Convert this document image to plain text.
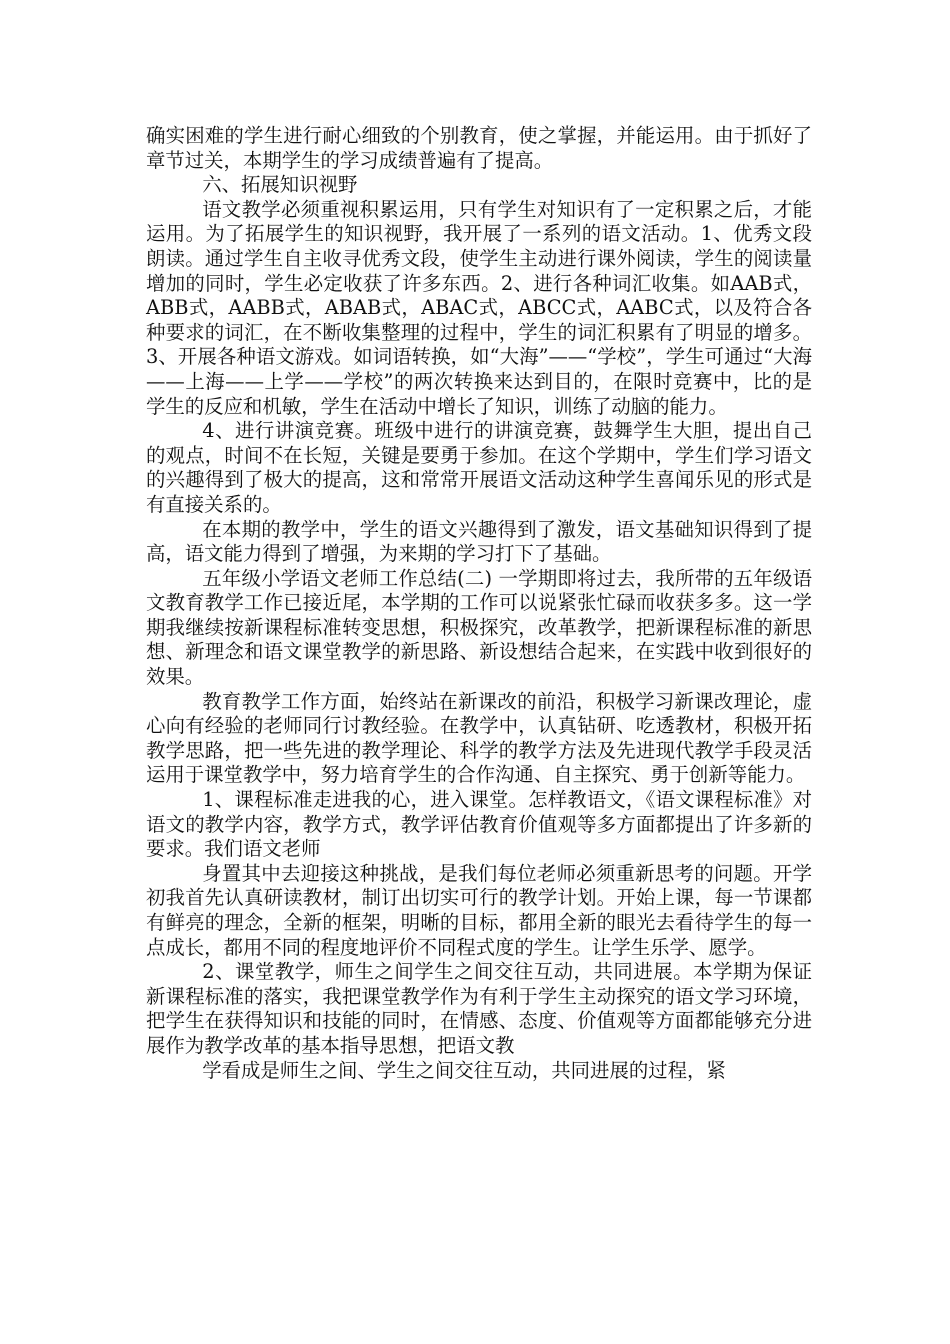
确实困难的学生进行耐心细致的个别教育，使之掌握，并能运用。由于抓好了章节过关，本期学生的学习成绩普遍有了提高。

六、拓展知识视野

语文教学必须重视积累运用，只有学生对知识有了一定积累之后，才能运用。为了拓展学生的知识视野，我开展了一系列的语文活动。1、优秀文段朗读。通过学生自主收寻优秀文段，使学生主动进行课外阅读，学生的阅读量增加的同时，学生必定收获了许多东西。2、进行各种词汇收集。如AAB式，ABB式，AABB式，ABAB式，ABAC式，ABCC式，AABC式，以及符合各种要求的词汇，在不断收集整理的过程中，学生的词汇积累有了明显的增多。3、开展各种语文游戏。如词语转换，如“大海”——“学校”，学生可通过“大海——上海——上学——学校”的两次转换来达到目的，在限时竞赛中，比的是学生的反应和机敏，学生在活动中增长了知识，训练了动脑的能力。

4、进行讲演竞赛。班级中进行的讲演竞赛，鼓舞学生大胆，提出自己的观点，时间不在长短，关键是要勇于参加。在这个学期中，学生们学习语文的兴趣得到了极大的提高，这和常常开展语文活动这种学生喜闻乐见的形式是有直接关系的。

在本期的教学中，学生的语文兴趣得到了激发，语文基础知识得到了提高，语文能力得到了增强，为来期的学习打下了基础。

五年级小学语文老师工作总结(二) 一学期即将过去，我所带的五年级语文教育教学工作已接近尾，本学期的工作可以说紧张忙碌而收获多多。这一学期我继续按新课程标准转变思想，积极探究，改革教学，把新课程标准的新思想、新理念和语文课堂教学的新思路、新设想结合起来，在实践中收到很好的效果。

教育教学工作方面，始终站在新课改的前沿，积极学习新课改理论，虚心向有经验的老师同行讨教经验。在教学中，认真钻研、吃透教材，积极开拓教学思路，把一些先进的教学理论、科学的教学方法及先进现代教学手段灵活运用于课堂教学中，努力培育学生的合作沟通、自主探究、勇于创新等能力。

1、课程标准走进我的心，进入课堂。怎样教语文，《语文课程标准》对语文的教学内容，教学方式，教学评估教育价值观等多方面都提出了许多新的要求。我们语文老师

身置其中去迎接这种挑战，是我们每位老师必须重新思考的问题。开学初我首先认真研读教材，制订出切实可行的教学计划。开始上课，每一节课都有鲜亮的理念，全新的框架，明晰的目标，都用全新的眼光去看待学生的每一点成长，都用不同的程度地评价不同程式度的学生。让学生乐学、愿学。

2、课堂教学，师生之间学生之间交往互动，共同进展。本学期为保证新课程标准的落实，我把课堂教学作为有利于学生主动探究的语文学习环境，把学生在获得知识和技能的同时，在情感、态度、价值观等方面都能够充分进展作为教学改革的基本指导思想，把语文教

学看成是师生之间、学生之间交往互动，共同进展的过程，紧
